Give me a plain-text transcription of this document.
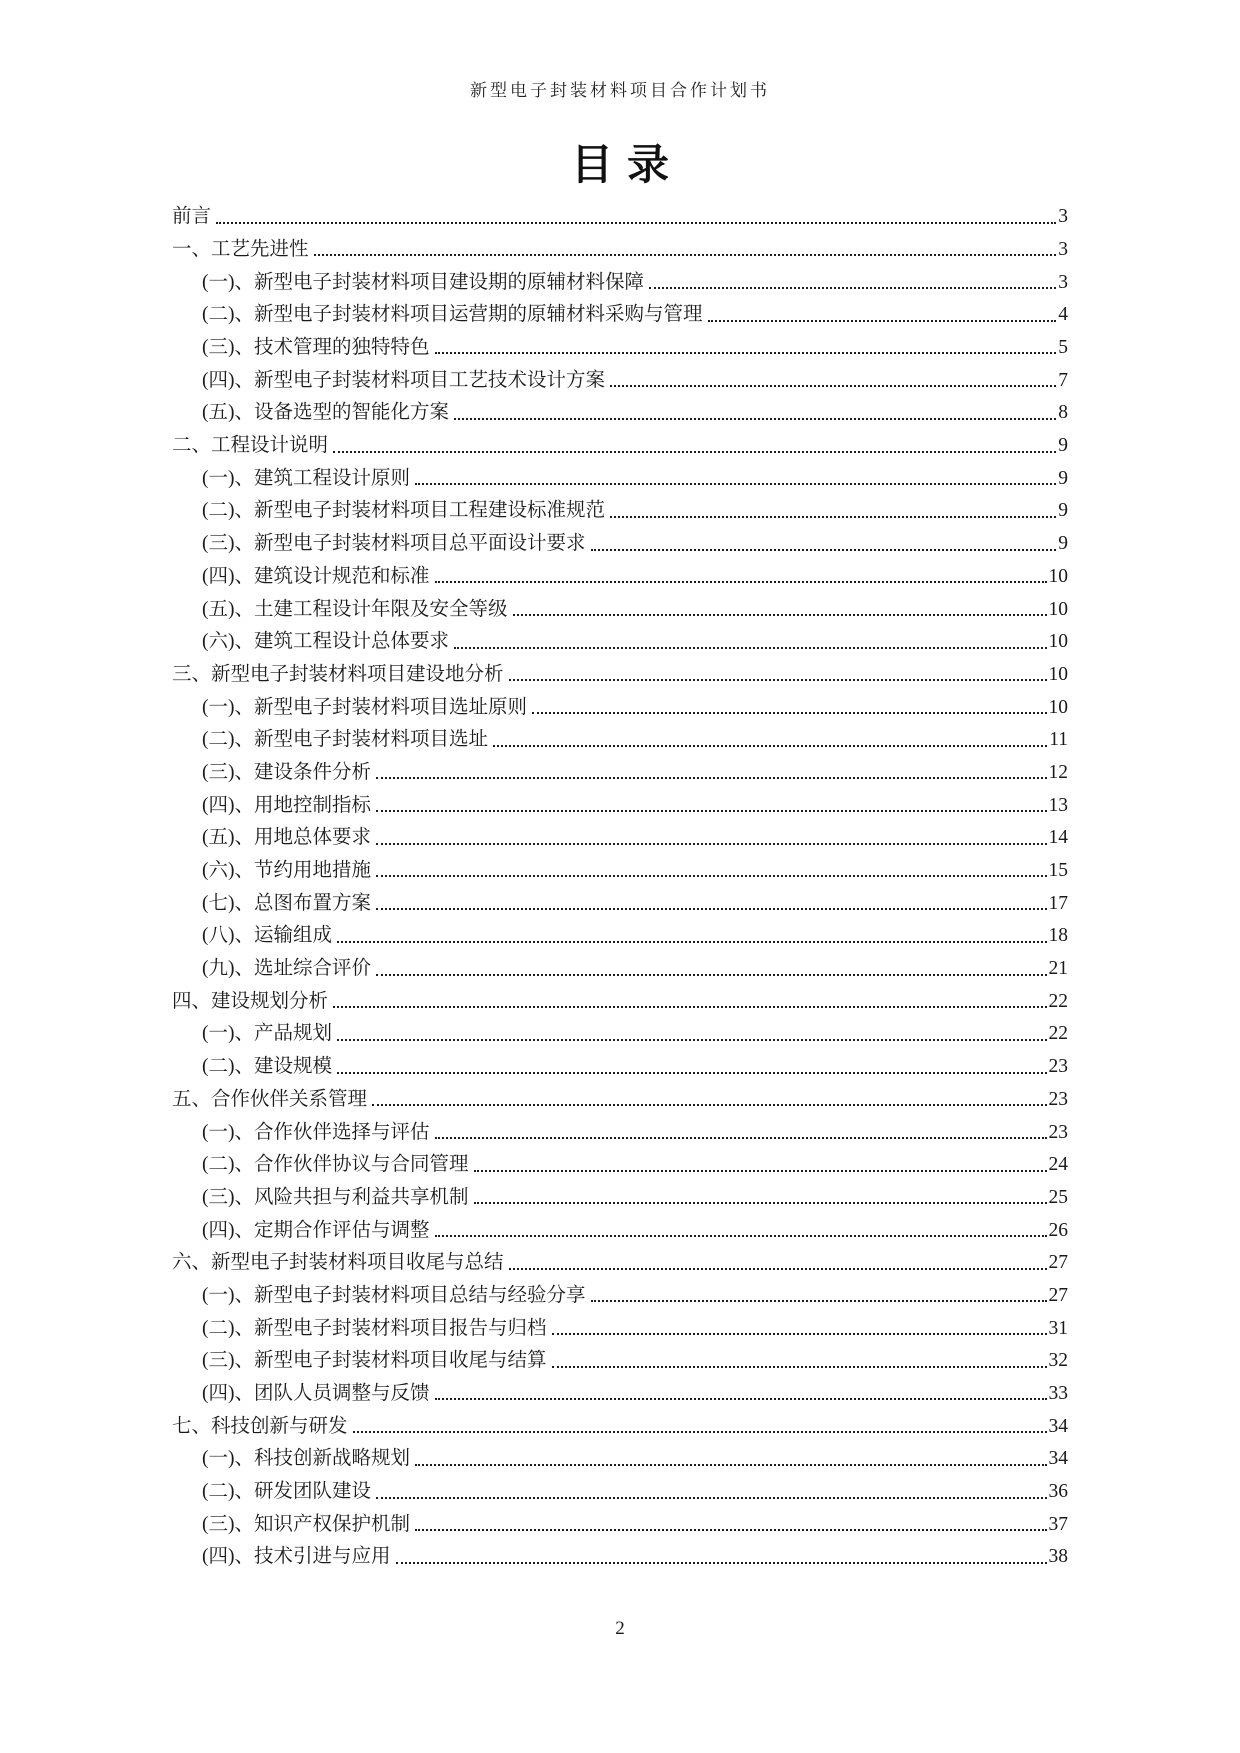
新型电子封装材料项目合作计划书
目录
前言	3
一、工艺先进性	3
(一)、新型电子封装材料项目建设期的原辅材料保障	3
(二)、新型电子封装材料项目运营期的原辅材料采购与管理	4
(三)、技术管理的独特特色	5
(四)、新型电子封装材料项目工艺技术设计方案	7
(五)、设备选型的智能化方案	8
二、工程设计说明	9
(一)、建筑工程设计原则	9
(二)、新型电子封装材料项目工程建设标准规范	9
(三)、新型电子封装材料项目总平面设计要求	9
(四)、建筑设计规范和标准	10
(五)、土建工程设计年限及安全等级	10
(六)、建筑工程设计总体要求	10
三、新型电子封装材料项目建设地分析	10
(一)、新型电子封装材料项目选址原则	10
(二)、新型电子封装材料项目选址	11
(三)、建设条件分析	12
(四)、用地控制指标	13
(五)、用地总体要求	14
(六)、节约用地措施	15
(七)、总图布置方案	17
(八)、运输组成	18
(九)、选址综合评价	21
四、建设规划分析	22
(一)、产品规划	22
(二)、建设规模	23
五、合作伙伴关系管理	23
(一)、合作伙伴选择与评估	23
(二)、合作伙伴协议与合同管理	24
(三)、风险共担与利益共享机制	25
(四)、定期合作评估与调整	26
六、新型电子封装材料项目收尾与总结	27
(一)、新型电子封装材料项目总结与经验分享	27
(二)、新型电子封装材料项目报告与归档	31
(三)、新型电子封装材料项目收尾与结算	32
(四)、团队人员调整与反馈	33
七、科技创新与研发	34
(一)、科技创新战略规划	34
(二)、研发团队建设	36
(三)、知识产权保护机制	37
(四)、技术引进与应用	38
2
